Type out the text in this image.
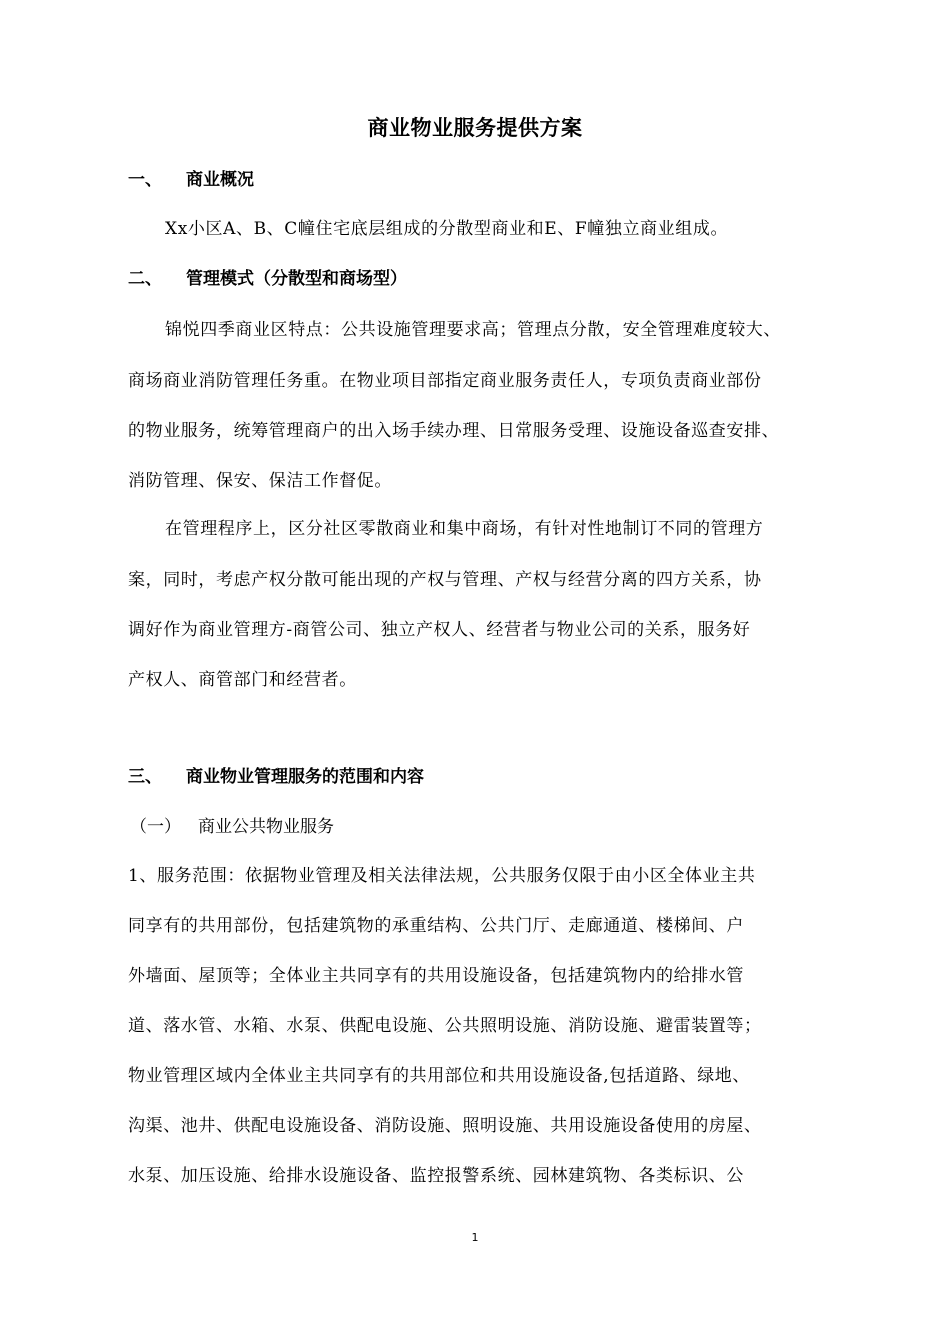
商业物业服务提供方案
一、 商业概况
Xx小区A、B、C幢住宅底层组成的分散型商业和E、F幢独立商业组成。
二、 管理模式（分散型和商场型）
锦悦四季商业区特点：公共设施管理要求高；管理点分散，安全管理难度较大、
商场商业消防管理任务重。在物业项目部指定商业服务责任人，专项负责商业部份
的物业服务，统筹管理商户的出入场手续办理、日常服务受理、设施设备巡查安排、
消防管理、保安、保洁工作督促。
在管理程序上，区分社区零散商业和集中商场，有针对性地制订不同的管理方
案，同时，考虑产权分散可能出现的产权与管理、产权与经营分离的四方关系，协
调好作为商业管理方-商管公司、独立产权人、经营者与物业公司的关系，服务好
产权人、商管部门和经营者。
三、 商业物业管理服务的范围和内容
（一） 商业公共物业服务
1、服务范围：依据物业管理及相关法律法规，公共服务仅限于由小区全体业主共
同享有的共用部份，包括建筑物的承重结构、公共门厅、走廊通道、楼梯间、户
外墙面、屋顶等；全体业主共同享有的共用设施设备，包括建筑物内的给排水管
道、落水管、水箱、水泵、供配电设施、公共照明设施、消防设施、避雷装置等；
物业管理区域内全体业主共同享有的共用部位和共用设施设备,包括道路、绿地、
沟渠、池井、供配电设施设备、消防设施、照明设施、共用设施设备使用的房屋、
水泵、加压设施、给排水设施设备、监控报警系统、园林建筑物、各类标识、公
1
